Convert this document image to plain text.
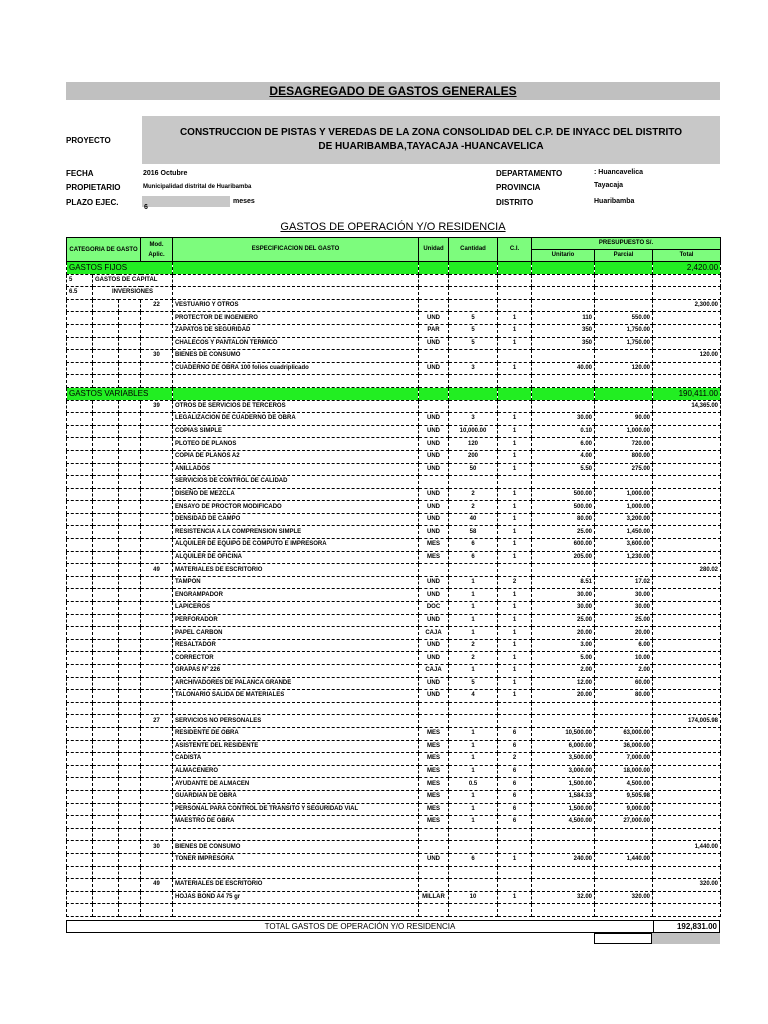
DESAGREGADO DE GASTOS GENERALES
PROYECTO
CONSTRUCCION DE PISTAS Y VEREDAS DE LA ZONA CONSOLIDAD DEL C.P. DE INYACC DEL DISTRITO DE HUARIBAMBA,TAYACAJA -HUANCAVELICA
FECHA	2016 Octubre
PROPIETARIO	Municipalidad distrital de Huaribamba
PLAZO EJEC.
6
meses
DEPARTAMENTO	: Huancavelica
PROVINCIA	Tayacaja
DISTRITO	Huaribamba
GASTOS DE OPERACIÓN Y/O RESIDENCIA
CATEGORIA DE GASTO			Mod. Aplic.	ESPECIFICACION DEL GASTO	Unidad	Cantidad	C.I.	PRESUPUESTO S/.		
								Unitario	Parcial	Total
GASTOS FIJOS										2,420.00
5	GASTOS DE CAPITAL									
6.5	INVERSIONES									
			22	VESTUARIO Y OTROS						2,300.00
				PROTECTOR DE INGENIERO	UND	5	1	110	550.00	
				ZAPATOS DE SEGURIDAD	PAR	5	1	350	1,750.00	
				CHALECOS Y PANTALON TERMICO	UND	5	1	350	1,750.00	
			30	BIENES DE CONSUMO						120.00
				CUADERNO DE OBRA 100 folios cuadriplicado	UND	3	1	40.00	120.00	

GASTOS VARIABLES										190,411.00
			39	OTROS DE SERVICIOS DE TERCEROS						14,365.00
				LEGALIZACION DE CUADERNO DE OBRA	UND	3	1	30.00	90.00	
				COPIAS SIMPLE	UND	10,000.00	1	0.10	1,000.00	
				PLOTEO DE PLANOS	UND	120	1	6.00	720.00	
				COPIA DE PLANOS A2	UND	200	1	4.00	800.00	
				ANILLADOS	UND	50	1	5.50	275.00	
				SERVICIOS DE CONTROL DE CALIDAD						
				DISEÑO DE MEZCLA	UND	2	1	500.00	1,000.00	
				ENSAYO DE PROCTOR MODIFICADO	UND	2	1	500.00	1,000.00	
				DENSIDAD DE CAMPO	UND	40	1	80.00	3,200.00	
				RESISTENCIA A LA COMPRENSION SIMPLE	UND	58	1	25.00	1,450.00	
				ALQUILER DE EQUIPO DE COMPUTO E IMPRESORA	MES	6	1	600.00	3,600.00	
				ALQUILER DE OFICINA	MES	6	1	205.00	1,230.00	
			49	MATERIALES DE ESCRITORIO						280.02
				TAMPON	UND	1	2	8.51	17.02	
				ENGRAMPADOR	UND	1	1	30.00	30.00	
				LAPICEROS	DOC	1	1	30.00	30.00	
				PERFORADOR	UND	1	1	25.00	25.00	
				PAPEL CARBON	CAJA	1	1	20.00	20.00	
				RESALTADOR	UND	2	1	3.00	6.00	
				CORRECTOR	UND	2	1	5.00	10.00	
				GRAPAS Nº 226	CAJA	1	1	2.00	2.00	
				ARCHIVADORES DE PALANCA GRANDE	UND	5	1	12.00	60.00	
				TALONARIO SALIDA DE MATERIALES	UND	4	1	20.00	80.00	

			27	SERVICIOS NO PERSONALES						174,005.98
				RESIDENTE DE OBRA	MES	1	6	10,500.00	63,000.00	
				ASISTENTE DEL RESIDENTE	MES	1	6	6,000.00	36,000.00	
				CADISTA	MES	1	2	3,500.00	7,000.00	
				ALMACENERO	MES	1	6	3,000.00	18,000.00	
				AYUDANTE DE ALMACEN	MES	0.5	6	1,500.00	4,500.00	
				GUARDIAN DE OBRA	MES	1	6	1,584.33	9,505.98	
				PERSONAL PARA CONTROL DE TRANSITO Y SEGURIDAD VIAL	MES	1	6	1,500.00	9,000.00	
				MAESTRO DE OBRA	MES	1	6	4,500.00	27,000.00	

			30	BIENES DE CONSUMO						1,440.00
				TONER IMPRESORA	UND	6	1	240.00	1,440.00	

			49	MATERIALES DE ESCRITORIO						320.00
				HOJAS BOND A4 75 gr	MILLAR	10	1	32.00	320.00	

TOTAL GASTOS DE OPERACIÓN Y/O RESIDENCIA	192,831.00
